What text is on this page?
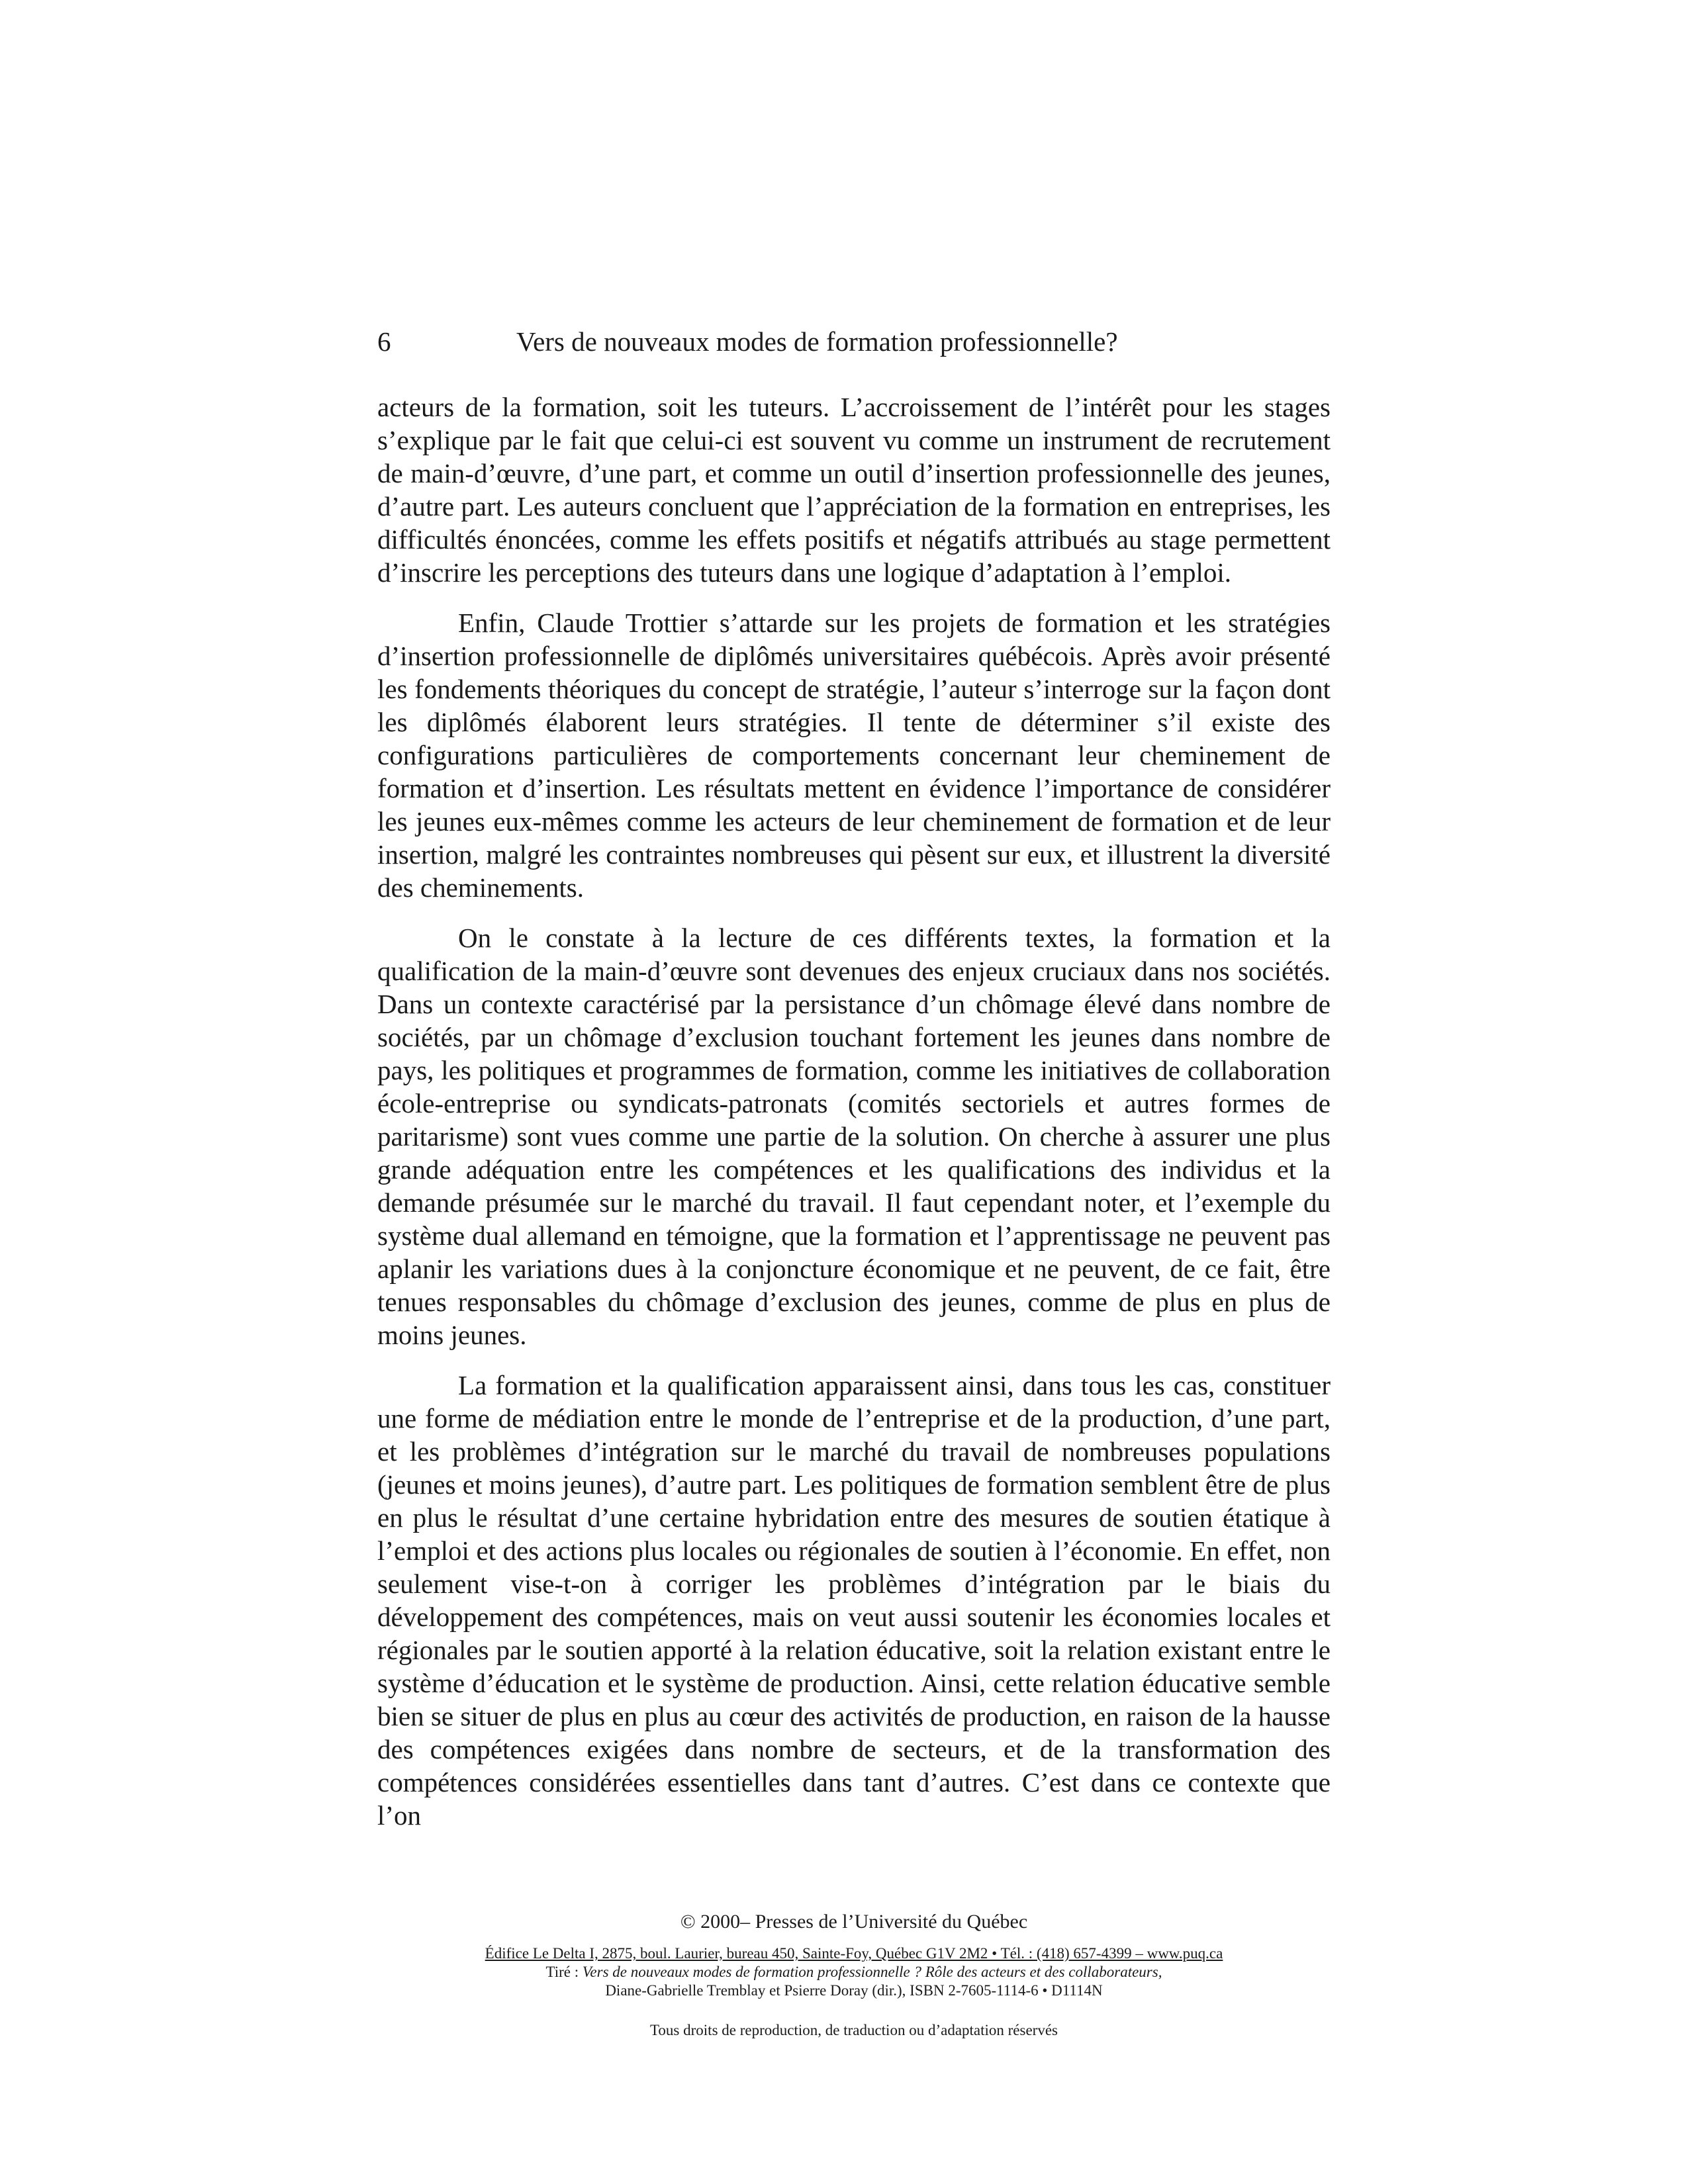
6	Vers de nouveaux modes de formation professionnelle?

acteurs de la formation, soit les tuteurs. L’accroissement de l’intérêt pour les stages s’explique par le fait que celui-ci est souvent vu comme un instrument de recrutement de main-d’œuvre, d’une part, et comme un outil d’insertion professionnelle des jeunes, d’autre part. Les auteurs concluent que l’appréciation de la formation en entreprises, les difficultés énoncées, comme les effets positifs et négatifs attribués au stage permettent d’inscrire les perceptions des tuteurs dans une logique d’adaptation à l’emploi.

Enfin, Claude Trottier s’attarde sur les projets de formation et les stratégies d’insertion professionnelle de diplômés universitaires québécois. Après avoir présenté les fondements théoriques du concept de stratégie, l’auteur s’interroge sur la façon dont les diplômés élaborent leurs stratégies. Il tente de déterminer s’il existe des configurations particulières de comportements concernant leur cheminement de formation et d’insertion. Les résultats mettent en évidence l’importance de considérer les jeunes eux-mêmes comme les acteurs de leur cheminement de formation et de leur insertion, malgré les contraintes nombreuses qui pèsent sur eux, et illustrent la diversité des cheminements.

On le constate à la lecture de ces différents textes, la formation et la qualification de la main-d’œuvre sont devenues des enjeux cruciaux dans nos sociétés. Dans un contexte caractérisé par la persistance d’un chômage élevé dans nombre de sociétés, par un chômage d’exclusion touchant fortement les jeunes dans nombre de pays, les politiques et programmes de formation, comme les initiatives de collaboration école-entreprise ou syndicats-patronats (comités sectoriels et autres formes de paritarisme) sont vues comme une partie de la solution. On cherche à assurer une plus grande adéquation entre les compétences et les qualifications des individus et la demande présumée sur le marché du travail. Il faut cependant noter, et l’exemple du système dual allemand en témoigne, que la formation et l’apprentissage ne peuvent pas aplanir les variations dues à la conjoncture économique et ne peuvent, de ce fait, être tenues responsables du chômage d’exclusion des jeunes, comme de plus en plus de moins jeunes.

La formation et la qualification apparaissent ainsi, dans tous les cas, constituer une forme de médiation entre le monde de l’entreprise et de la production, d’une part, et les problèmes d’intégration sur le marché du travail de nombreuses populations (jeunes et moins jeunes), d’autre part. Les politiques de formation semblent être de plus en plus le résultat d’une certaine hybridation entre des mesures de soutien étatique à l’emploi et des actions plus locales ou régionales de soutien à l’économie. En effet, non seulement vise-t-on à corriger les problèmes d’intégration par le biais du développement des compétences, mais on veut aussi soutenir les économies locales et régionales par le soutien apporté à la relation éducative, soit la relation existant entre le système d’éducation et le système de production. Ainsi, cette relation éducative semble bien se situer de plus en plus au cœur des activités de production, en raison de la hausse des compétences exigées dans nombre de secteurs, et de la transformation des compétences considérées essentielles dans tant d’autres. C’est dans ce contexte que l’on

© 2000– Presses de l’Université du Québec
Édifice Le Delta I, 2875, boul. Laurier, bureau 450, Sainte-Foy, Québec G1V 2M2 • Tél. : (418) 657-4399 – www.puq.ca
Tiré : Vers de nouveaux modes de formation professionnelle ? Rôle des acteurs et des collaborateurs,
Diane-Gabrielle Tremblay et Psierre Doray (dir.), ISBN 2-7605-1114-6 • D1114N
Tous droits de reproduction, de traduction ou d’adaptation réservés
